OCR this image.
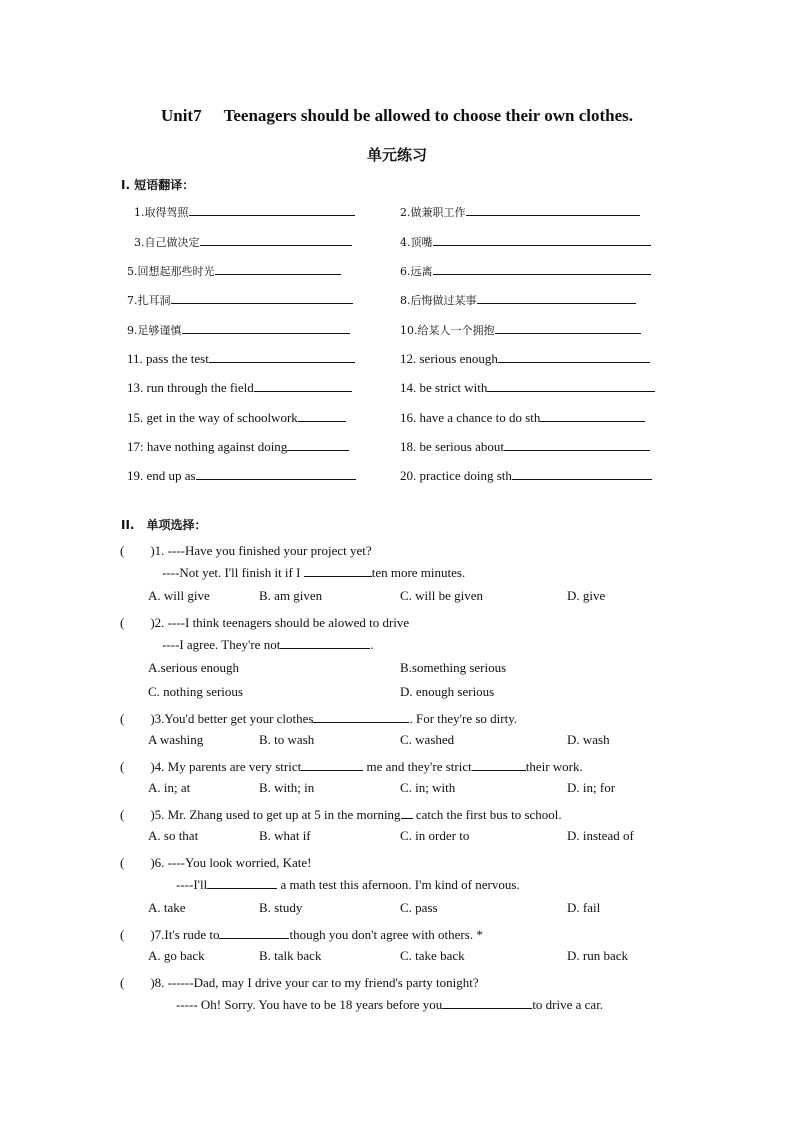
Unit7 Teenagers should be allowed to choose their own clothes.
单元练习
I. 短语翻译：
1.取得驾照	2.做兼职工作
3.自己做决定	4.顶嘴
5.回想起那些时光	6.远离
7.扎耳洞	8.后悔做过某事
9.足够谨慎	10.给某人一个拥抱
11. pass the test	12. serious enough
13. run through the field	14. be strict with
15. get in the way of schoolwork	16. have a chance to do sth
17: have nothing against doing	18. be serious about
19. end up as	20. practice doing sth
II.　单项选择：
(　　)1. ----Have you finished your project yet?
----Not yet. I'll finish it if I	ten more minutes.
A. will give	B. am given	C. will be given	D. give
(　　)2. ----I think teenagers should be alowed to drive
----I agree. They're not	.
A.serious enough	B.something serious
C. nothing serious	D. enough serious
(　　)3.You'd better get your clothes	. For they're so dirty.
A washing	B. to wash	C. washed	D. wash
(　　)4. My parents are very strict	me and they're strict	their work.
A. in; at	B. with; in	C. in; with	D. in; for
(　　)5. Mr. Zhang used to get up at 5 in the morning catch the first bus to school.
A. so that	B. what if	C. in order to	D. instead of
(　　)6. ----You look worried, Kate!
----I'll	a math test this afernoon. I'm kind of nervous.
A. take	B. study	C. pass	D. fail
(　　)7.It's rude to	though you don't agree with others. *
A. go back	B. talk back	C. take back	D. run back
(　　)8. ------Dad, may I drive your car to my friend's party tonight?
----- Oh! Sorry. You have to be 18 years before you	to drive a car.
